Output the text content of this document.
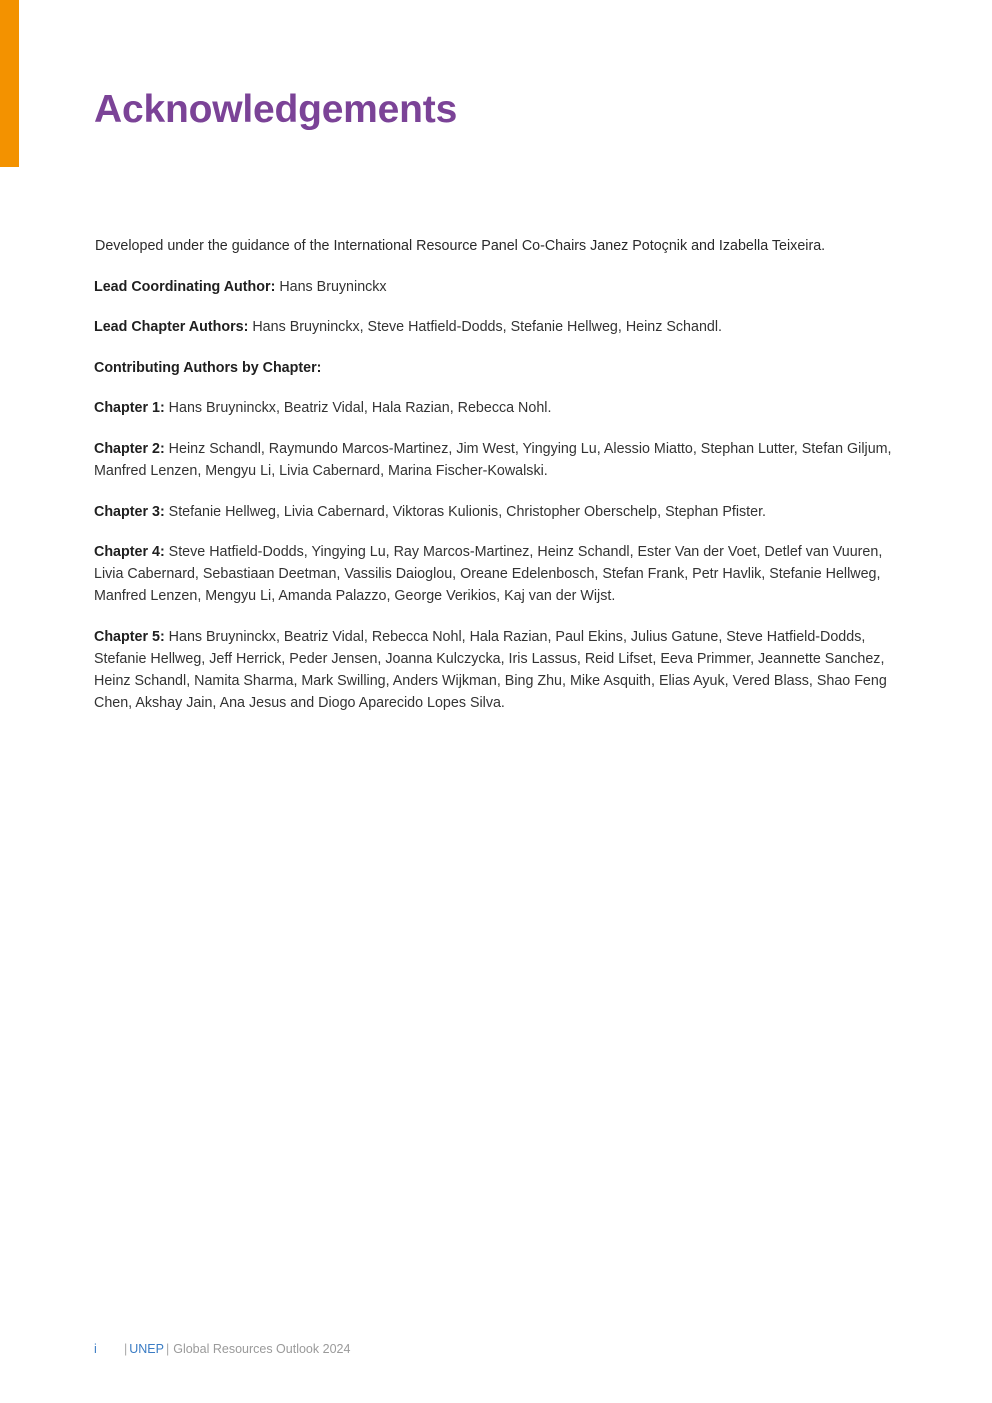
Acknowledgements

Developed under the guidance of the International Resource Panel Co-Chairs Janez Potoçnik and Izabella Teixeira.

Lead Coordinating Author: Hans Bruyninckx

Lead Chapter Authors: Hans Bruyninckx, Steve Hatfield-Dodds, Stefanie Hellweg, Heinz Schandl.

Contributing Authors by Chapter:

Chapter 1: Hans Bruyninckx, Beatriz Vidal, Hala Razian, Rebecca Nohl.

Chapter 2: Heinz Schandl, Raymundo Marcos-Martinez, Jim West, Yingying Lu, Alessio Miatto, Stephan Lutter, Stefan Giljum, Manfred Lenzen, Mengyu Li, Livia Cabernard, Marina Fischer-Kowalski.

Chapter 3: Stefanie Hellweg, Livia Cabernard, Viktoras Kulionis, Christopher Oberschelp, Stephan Pfister.

Chapter 4: Steve Hatfield-Dodds, Yingying Lu, Ray Marcos-Martinez, Heinz Schandl, Ester Van der Voet, Detlef van Vuuren, Livia Cabernard, Sebastiaan Deetman, Vassilis Daioglou, Oreane Edelenbosch, Stefan Frank, Petr Havlik, Stefanie Hellweg, Manfred Lenzen, Mengyu Li, Amanda Palazzo, George Verikios, Kaj van der Wijst.

Chapter 5: Hans Bruyninckx, Beatriz Vidal, Rebecca Nohl, Hala Razian, Paul Ekins, Julius Gatune, Steve Hatfield-Dodds, Stefanie Hellweg, Jeff Herrick, Peder Jensen, Joanna Kulczycka, Iris Lassus, Reid Lifset, Eeva Primmer, Jeannette Sanchez, Heinz Schandl, Namita Sharma, Mark Swilling, Anders Wijkman, Bing Zhu, Mike Asquith, Elias Ayuk, Vered Blass, Shao Feng Chen, Akshay Jain, Ana Jesus and Diogo Aparecido Lopes Silva.

i | UNEP | Global Resources Outlook 2024
